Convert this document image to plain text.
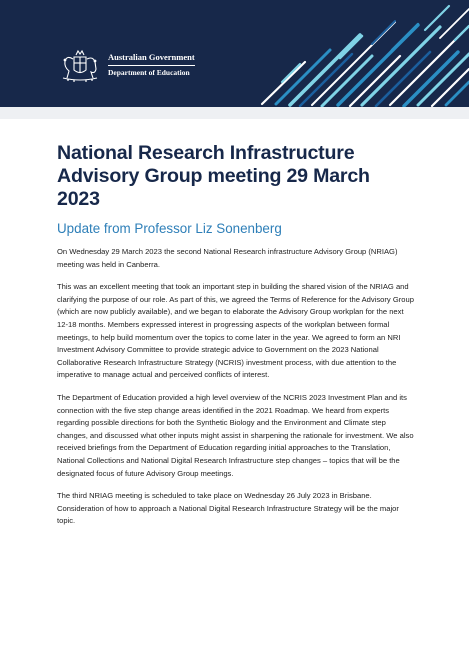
Australian Government
Department of Education
National Research Infrastructure Advisory Group meeting 29 March 2023
Update from Professor Liz Sonenberg

On Wednesday 29 March 2023 the second National Research infrastructure Advisory Group (NRIAG) meeting was held in Canberra.

This was an excellent meeting that took an important step in building the shared vision of the NRIAG and clarifying the purpose of our role. As part of this, we agreed the Terms of Reference for the Advisory Group (which are now publicly available), and we began to elaborate the Advisory Group workplan for the next 12-18 months. Members expressed interest in progressing aspects of the workplan between formal meetings, to help build momentum over the topics to come later in the year. We agreed to form an NRI Investment Advisory Committee to provide strategic advice to Government on the 2023 National Collaborative Research Infrastructure Strategy (NCRIS) investment process, with due attention to the imperative to manage actual and perceived conflicts of interest.

The Department of Education provided a high level overview of the NCRIS 2023 Investment Plan and its connection with the five step change areas identified in the 2021 Roadmap. We heard from experts regarding possible directions for both the Synthetic Biology and the Environment and Climate step changes, and discussed what other inputs might assist in sharpening the rationale for investment. We also received briefings from the Department of Education regarding initial approaches to the Translation, National Collections and National Digital Research Infrastructure step changes – topics that will be the designated focus of future Advisory Group meetings.

The third NRIAG meeting is scheduled to take place on Wednesday 26 July 2023 in Brisbane. Consideration of how to approach a National Digital Research Infrastructure Strategy will be the major topic.
